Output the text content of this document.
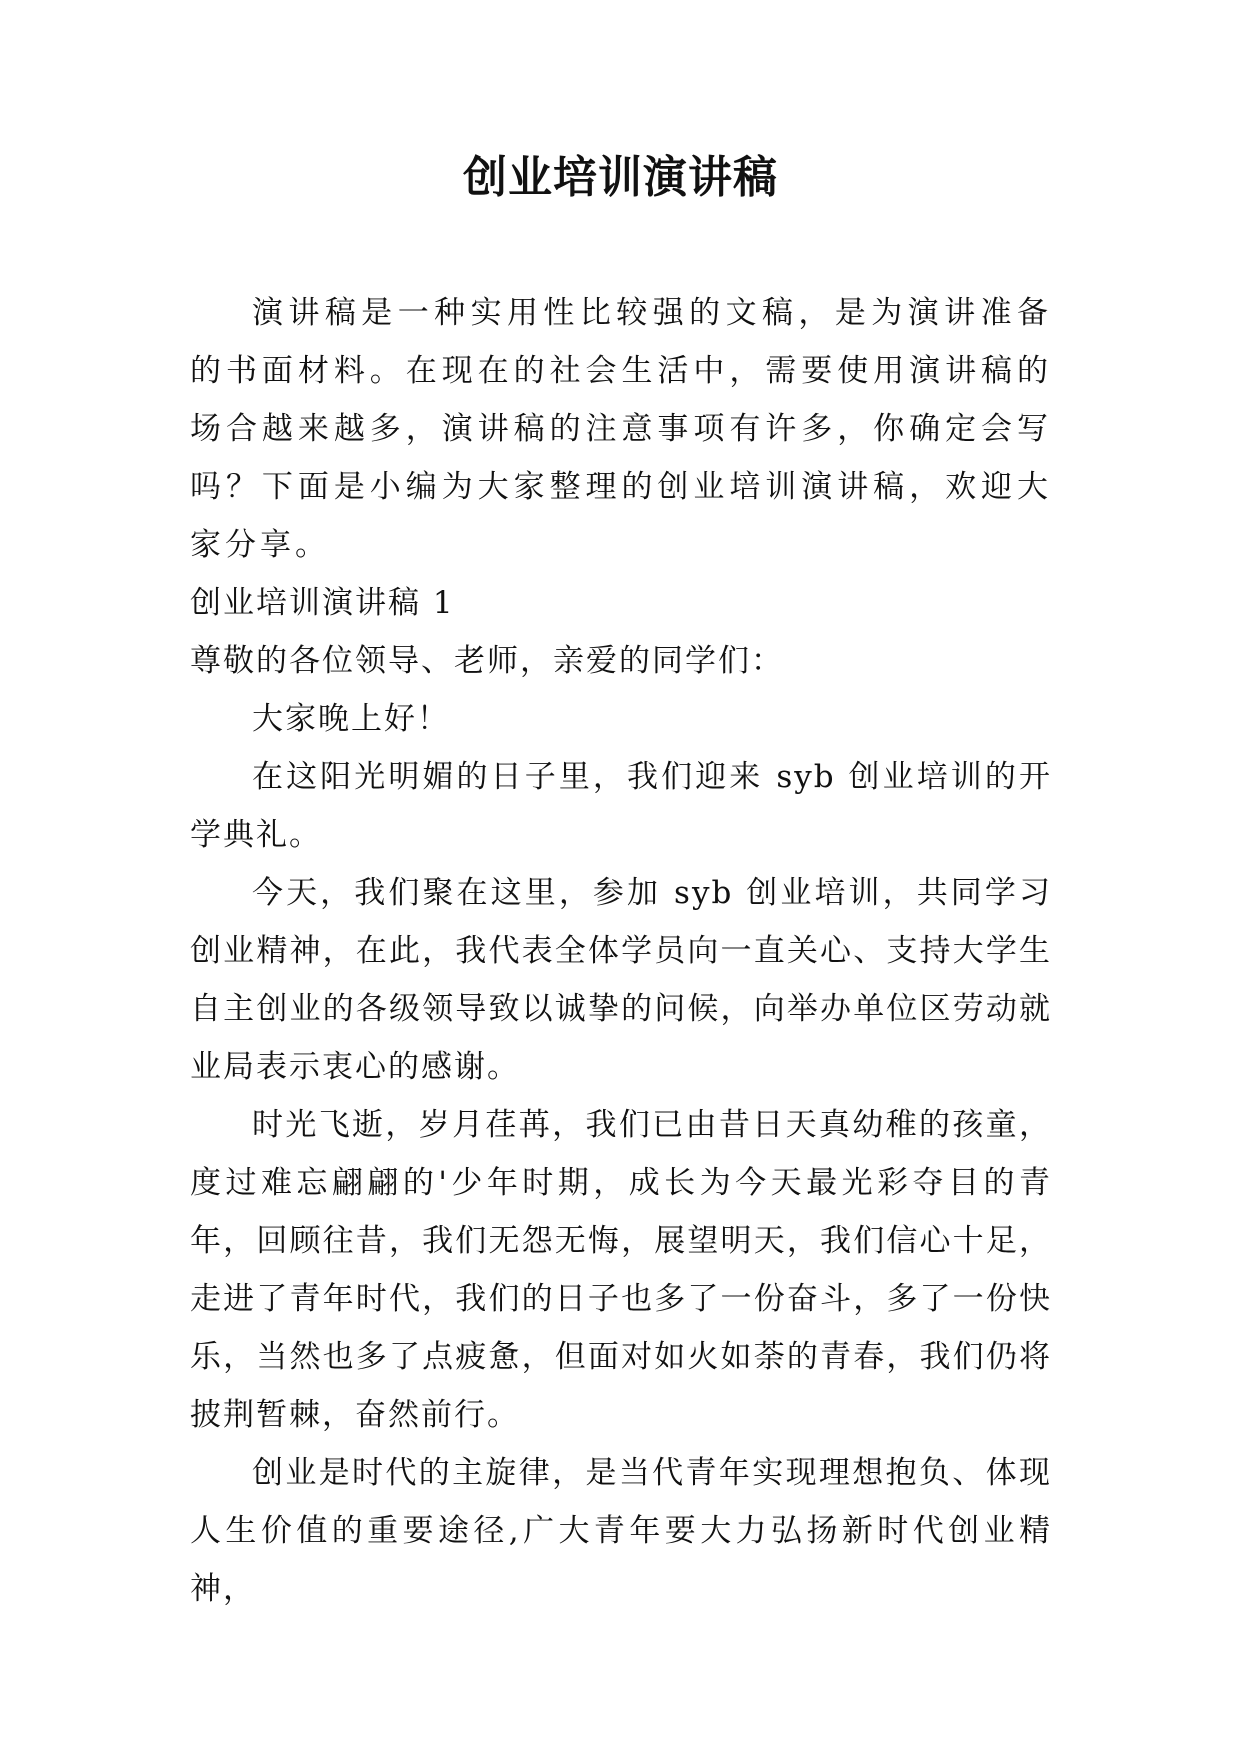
创业培训演讲稿
演讲稿是一种实用性比较强的文稿，是为演讲准备的书面材料。在现在的社会生活中，需要使用演讲稿的场合越来越多，演讲稿的注意事项有许多，你确定会写吗？下面是小编为大家整理的创业培训演讲稿，欢迎大家分享。

创业培训演讲稿 1

尊敬的各位领导、老师，亲爱的同学们：

大家晚上好！

在这阳光明媚的日子里，我们迎来 syb 创业培训的开学典礼。

今天，我们聚在这里，参加 syb 创业培训，共同学习创业精神，在此，我代表全体学员向一直关心、支持大学生自主创业的各级领导致以诚挚的问候，向举办单位区劳动就业局表示衷心的感谢。

时光飞逝，岁月荏苒，我们已由昔日天真幼稚的孩童，度过难忘翩翩的'少年时期，成长为今天最光彩夺目的青年，回顾往昔，我们无怨无悔，展望明天，我们信心十足，走进了青年时代，我们的日子也多了一份奋斗，多了一份快乐，当然也多了点疲惫，但面对如火如荼的青春，我们仍将披荆暂棘，奋然前行。

创业是时代的主旋律，是当代青年实现理想抱负、体现人生价值的重要途径,广大青年要大力弘扬新时代创业精神，
